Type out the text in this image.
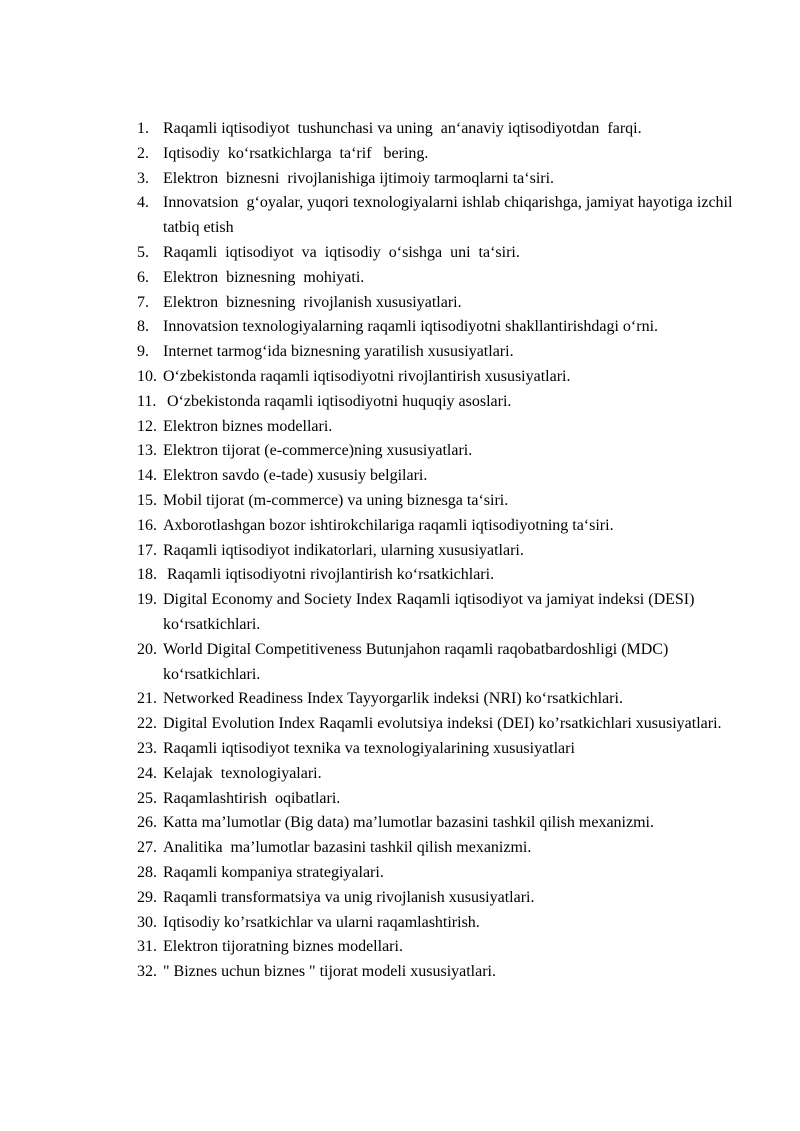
1. Raqamli iqtisodiyot  tushunchasi va uning  an‘anaviy iqtisodiyotdan  farqi.
2. Iqtisodiy  ko‘rsatkichlarga  ta‘rif   bering.
3. Elektron  biznesni  rivojlanishiga ijtimoiy tarmoqlarni ta‘siri.
4. Innovatsion  g‘oyalar, yuqori texnologiyalarni ishlab chiqarishga, jamiyat hayotiga izchil tatbiq etish
5. Raqamli  iqtisodiyot  va  iqtisodiy  o‘sishga  uni  ta‘siri.
6. Elektron  biznesning  mohiyati.
7. Elektron  biznesning  rivojlanish xususiyatlari.
8. Innovatsion texnologiyalarning raqamli iqtisodiyotni shakllantirishdagi o‘rni.
9. Internet tarmog‘ida biznesning yaratilish xususiyatlari.
10. O‘zbekistonda raqamli iqtisodiyotni rivojlantirish xususiyatlari.
11. O‘zbekistonda raqamli iqtisodiyotni huquqiy asoslari.
12. Elektron biznes modellari.
13. Elektron tijorat (e-commerce)ning xususiyatlari.
14. Elektron savdo (e-tade) xususiy belgilari.
15. Mobil tijorat (m-commerce) va uning biznesga ta‘siri.
16. Axborotlashgan bozor ishtirokchilariga raqamli iqtisodiyotning ta‘siri.
17. Raqamli iqtisodiyot indikatorlari, ularning xususiyatlari.
18. Raqamli iqtisodiyotni rivojlantirish ko‘rsatkichlari.
19. Digital Economy and Society Index Raqamli iqtisodiyot va jamiyat indeksi (DESI) ko‘rsatkichlari.
20. World Digital Competitiveness Butunjahon raqamli raqobatbardoshligi (MDC) ko‘rsatkichlari.
21. Networked Readiness Index Tayyorgarlik indeksi (NRI) ko‘rsatkichlari.
22. Digital Evolution Index Raqamli evolutsiya indeksi (DEI) ko’rsatkichlari xususiyatlari.
23. Raqamli iqtisodiyot texnika va texnologiyalarining xususiyatlari
24. Kelajak  texnologiyalari.
25. Raqamlashtirish  oqibatlari.
26. Katta ma’lumotlar (Big data) ma’lumotlar bazasini tashkil qilish mexanizmi.
27. Analitika  ma’lumotlar bazasini tashkil qilish mexanizmi.
28. Raqamli kompaniya strategiyalari.
29. Raqamli transformatsiya va unig rivojlanish xususiyatlari.
30. Iqtisodiy ko’rsatkichlar va ularni raqamlashtirish.
31. Elektron tijoratning biznes modellari.
32. " Biznes uchun biznes " tijorat modeli xususiyatlari.
